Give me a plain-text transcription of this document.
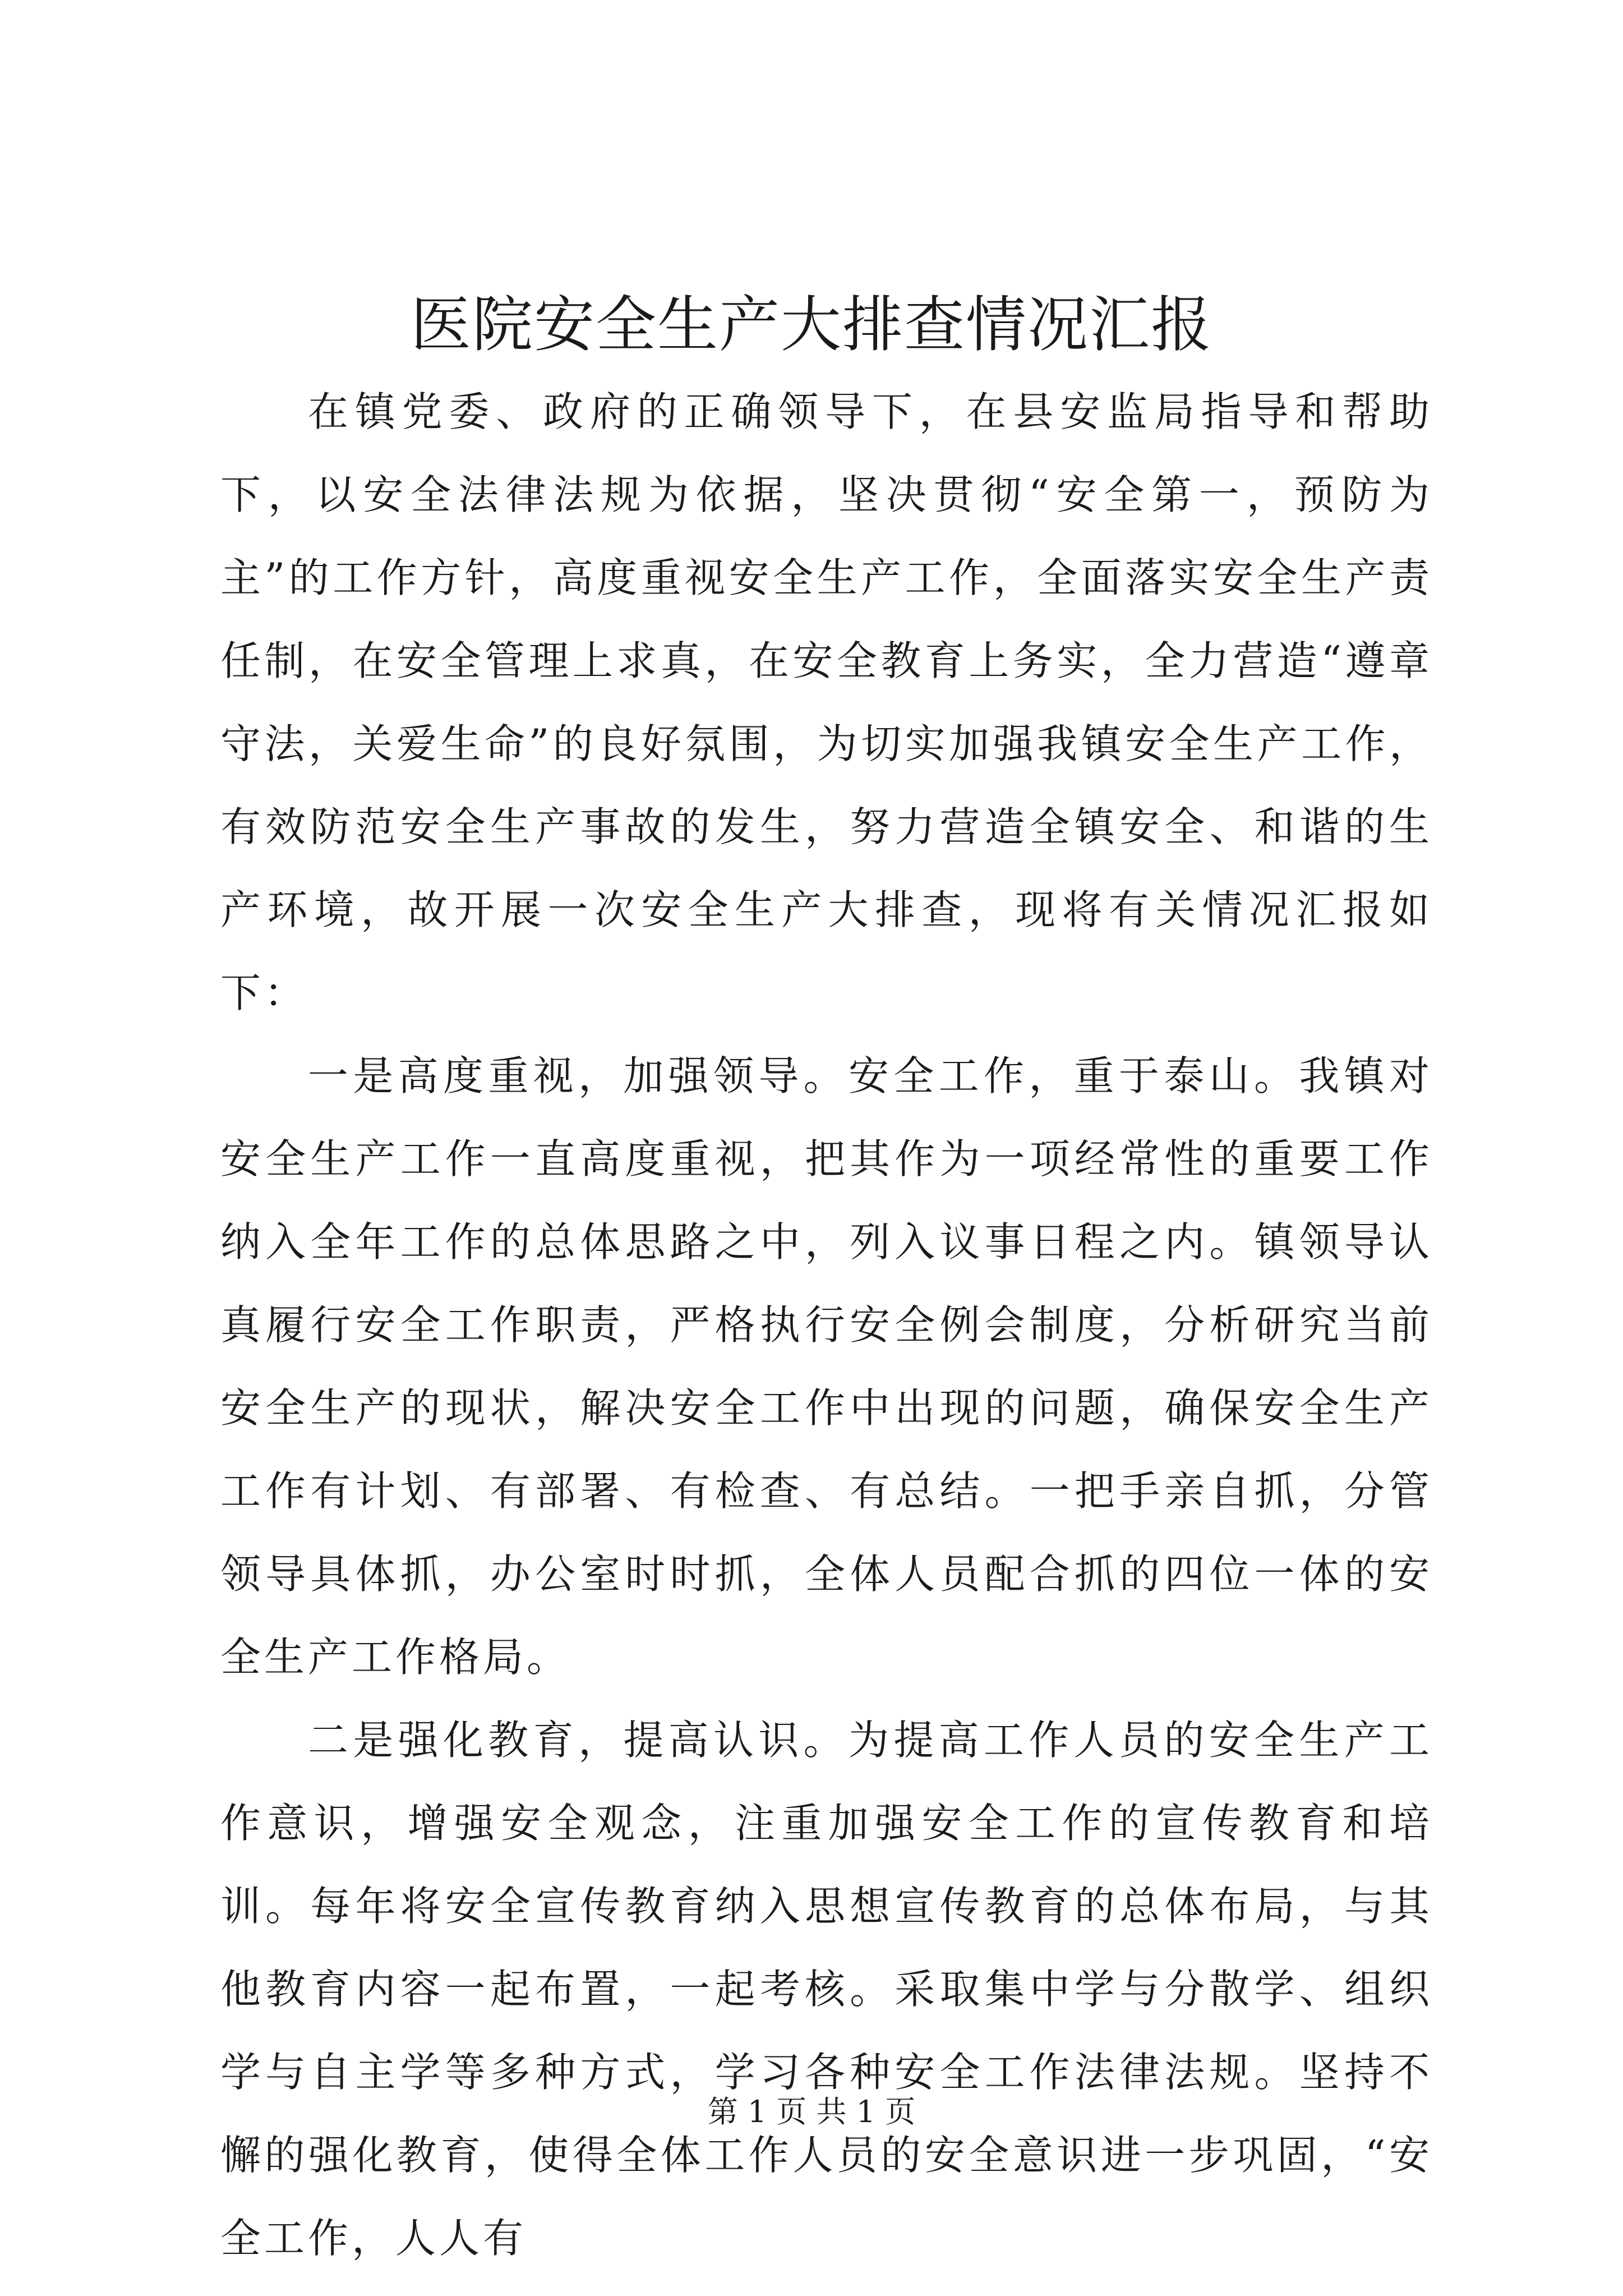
医院安全生产大排查情况汇报

在镇党委、政府的正确领导下，在县安监局指导和帮助下，以安全法律法规为依据，坚决贯彻“安全第一，预防为主”的工作方针，高度重视安全生产工作，全面落实安全生产责任制，在安全管理上求真，在安全教育上务实，全力营造“遵章守法，关爱生命”的良好氛围，为切实加强我镇安全生产工作，有效防范安全生产事故的发生，努力营造全镇安全、和谐的生产环境，故开展一次安全生产大排查，现将有关情况汇报如下：

一是高度重视，加强领导。安全工作，重于泰山。我镇对安全生产工作一直高度重视，把其作为一项经常性的重要工作纳入全年工作的总体思路之中，列入议事日程之内。镇领导认真履行安全工作职责，严格执行安全例会制度，分析研究当前安全生产的现状，解决安全工作中出现的问题，确保安全生产工作有计划、有部署、有检查、有总结。一把手亲自抓，分管领导具体抓，办公室时时抓，全体人员配合抓的四位一体的安全生产工作格局。

二是强化教育，提高认识。为提高工作人员的安全生产工作意识，增强安全观念，注重加强安全工作的宣传教育和培训。每年将安全宣传教育纳入思想宣传教育的总体布局，与其他教育内容一起布置，一起考核。采取集中学与分散学、组织学与自主学等多种方式，学习各种安全工作法律法规。坚持不懈的强化教育，使得全体工作人员的安全意识进一步巩固，“安全工作，人人有

第 1 页 共 1 页
